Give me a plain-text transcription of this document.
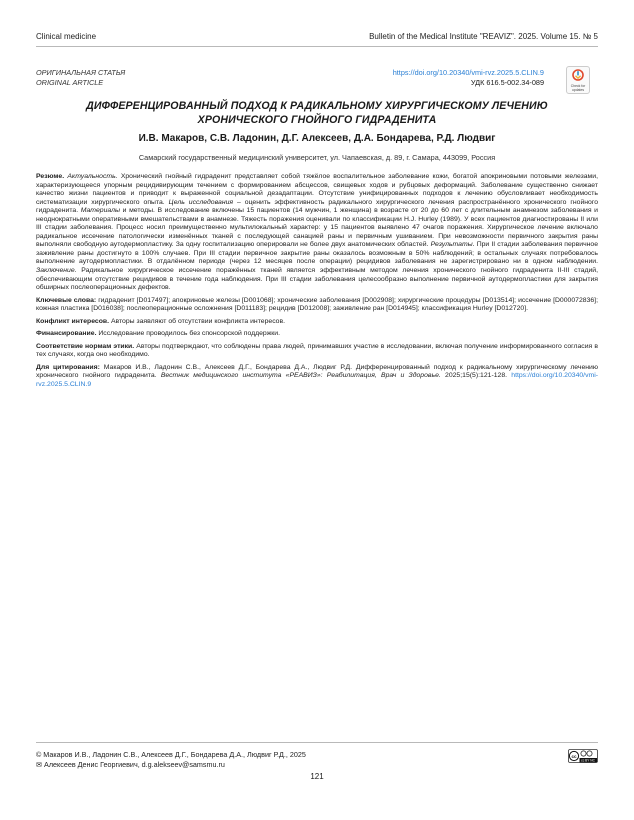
Clinical medicine	Bulletin of the Medical Institute "REAVIZ". 2025. Volume 15. № 5
ОРИГИНАЛЬНАЯ СТАТЬЯ
ORIGINAL ARTICLE
https://doi.org/10.20340/vmi-rvz.2025.5.CLIN.9
УДК 616.5-002.34-089	Check for updates
ДИФФЕРЕНЦИРОВАННЫЙ ПОДХОД К РАДИКАЛЬНОМУ ХИРУРГИЧЕСКОМУ ЛЕЧЕНИЮ
ХРОНИЧЕСКОГО ГНОЙНОГО ГИДРАДЕНИТА
И.В. Макаров, С.В. Ладонин, Д.Г. Алексеев, Д.А. Бондарева, Р.Д. Людвиг
Самарский государственный медицинский университет, ул. Чапаевская, д. 89, г. Самара, 443099, Россия

Резюме. Актуальность. Хронический гнойный гидраденит представляет собой тяжёлое воспалительное заболевание кожи, богатой апокриновыми потовыми железами, характеризующееся упорным рецидивирующим течением с формированием абсцессов, свищевых ходов и рубцовых деформаций. Заболевание существенно снижает качество жизни пациентов и приводит к выраженной социальной дезадаптации. Отсутствие унифицированных подходов к лечению обусловливает необходимость систематизации хирургического опыта. Цель исследования – оценить эффективность радикального хирургического лечения распространённого хронического гнойного гидраденита. Материалы и методы. В исследование включены 15 пациентов (14 мужчин, 1 женщина) в возрасте от 20 до 60 лет с длительным анамнезом заболевания и неоднократными оперативными вмешательствами в анамнезе. Тяжесть поражения оценивали по классификации H.J. Hurley (1989). У всех пациентов диагностированы II или III стадии заболевания. Процесс носил преимущественно мультилокальный характер: у 15 пациентов выявлено 47 очагов поражения. Хирургическое лечение включало радикальное иссечение патологически изменённых тканей с последующей санацией раны и первичным ушиванием. При невозможности первичного закрытия раны выполняли свободную аутодермопластику. За одну госпитализацию оперировали не более двух анатомических областей. Результаты. При II стадии заболевания первичное заживление раны достигнуто в 100% случаев. При III стадии первичное закрытие раны оказалось возможным в 50% наблюдений; в остальных случаях потребовалось выполнение аутодермопластики. В отдалённом периоде (через 12 месяцев после операции) рецидивов заболевания не зарегистрировано ни в одном наблюдении. Заключение. Радикальное хирургическое иссечение поражённых тканей является эффективным методом лечения хронического гнойного гидраденита II-III стадий, обеспечивающим отсутствие рецидивов в течение года наблюдения. При III стадии заболевания целесообразно выполнение первичной аутодермопластики для закрытия обширных послеоперационных дефектов.

Ключевые слова: гидраденит [D017497]; апокриновые железы [D001068]; хронические заболевания [D002908]; хирургические процедуры [D013514]; иссечение [D000072836]; кожная пластика [D016038]; послеоперационные осложнения [D011183]; рецидив [D012008]; заживление ран [D014945]; классификация Hurley [D012720].

Конфликт интересов. Авторы заявляют об отсутствии конфликта интересов.

Финансирование. Исследование проводилось без спонсорской поддержки.

Соответствие нормам этики. Авторы подтверждают, что соблюдены права людей, принимавших участие в исследовании, включая получение информированного согласия в тех случаях, когда оно необходимо.

Для цитирования: Макаров И.В., Ладонин С.В., Алексеев Д.Г., Бондарева Д.А., Людвиг Р.Д. Дифференцированный подход к радикальному хирургическому лечению хронического гнойного гидраденита. Вестник медицинского института «РЕАВИЗ»: Реабилитация, Врач и Здоровье. 2025;15(5):121-128. https://doi.org/10.20340/vmi-rvz.2025.5.CLIN.9

© Макаров И.В., Ладонин С.В., Алексеев Д.Г., Бондарева Д.А., Людвиг Р.Д., 2025
✉ Алексеев Денис Георгиевич, d.g.alekseev@samsmu.ru
cc
cc BY NC
121
